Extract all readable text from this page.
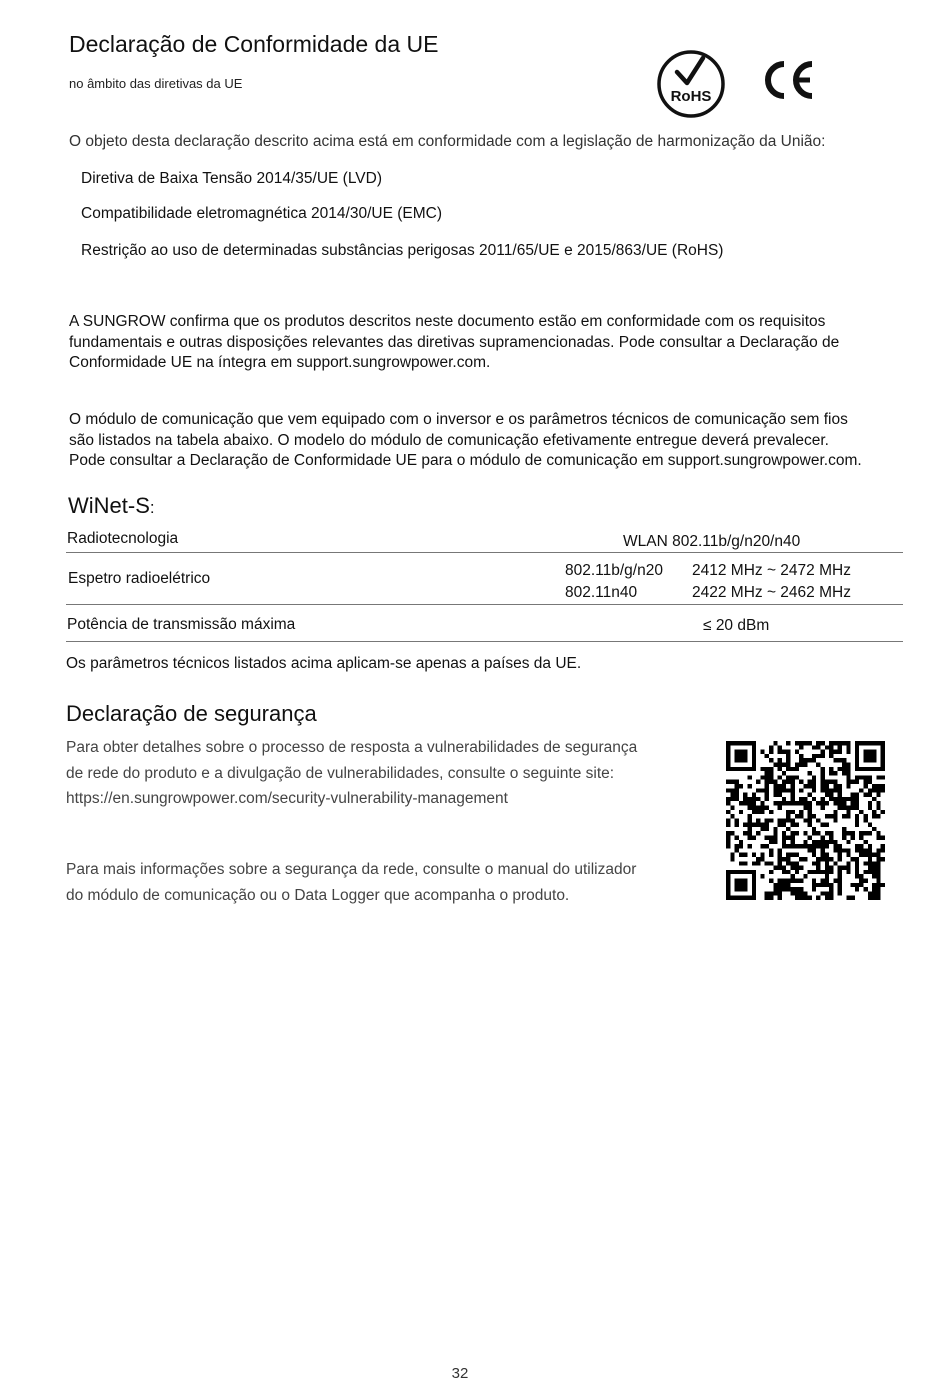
Declaração de Conformidade da UE
no âmbito das diretivas da UE
RoHS
O objeto desta declaração descrito acima está em conformidade com a legislação de harmonização da União:
Diretiva de Baixa Tensão 2014/35/UE (LVD)
Compatibilidade eletromagnética 2014/30/UE (EMC)
Restrição ao uso de determinadas substâncias perigosas 2011/65/UE e 2015/863/UE (RoHS)
A SUNGROW confirma que os produtos descritos neste documento estão em conformidade com os requisitos
fundamentais e outras disposições relevantes das diretivas supramencionadas. Pode consultar a Declaração de
Conformidade UE na íntegra em support.sungrowpower.com.
O módulo de comunicação que vem equipado com o inversor e os parâmetros técnicos de comunicação sem fios
são listados na tabela abaixo. O modelo do módulo de comunicação efetivamente entregue deverá prevalecer.
Pode consultar a Declaração de Conformidade UE para o módulo de comunicação em support.sungrowpower.com.
WiNet-S:
Radiotecnologia	WLAN 802.11b/g/n20/n40
Espetro radioelétrico	802.11b/g/n20 2412 MHz ~ 2472 MHz
802.11n40	2422 MHz ~ 2462 MHz
Potência de transmissão máxima	≤ 20 dBm
Os parâmetros técnicos listados acima aplicam-se apenas a países da UE.
Declaração de segurança
Para obter detalhes sobre o processo de resposta a vulnerabilidades de segurança
de rede do produto e a divulgação de vulnerabilidades, consulte o seguinte site:
https://en.sungrowpower.com/security-vulnerability-management
Para mais informações sobre a segurança da rede, consulte o manual do utilizador
do módulo de comunicação ou o Data Logger que acompanha o produto.
32
